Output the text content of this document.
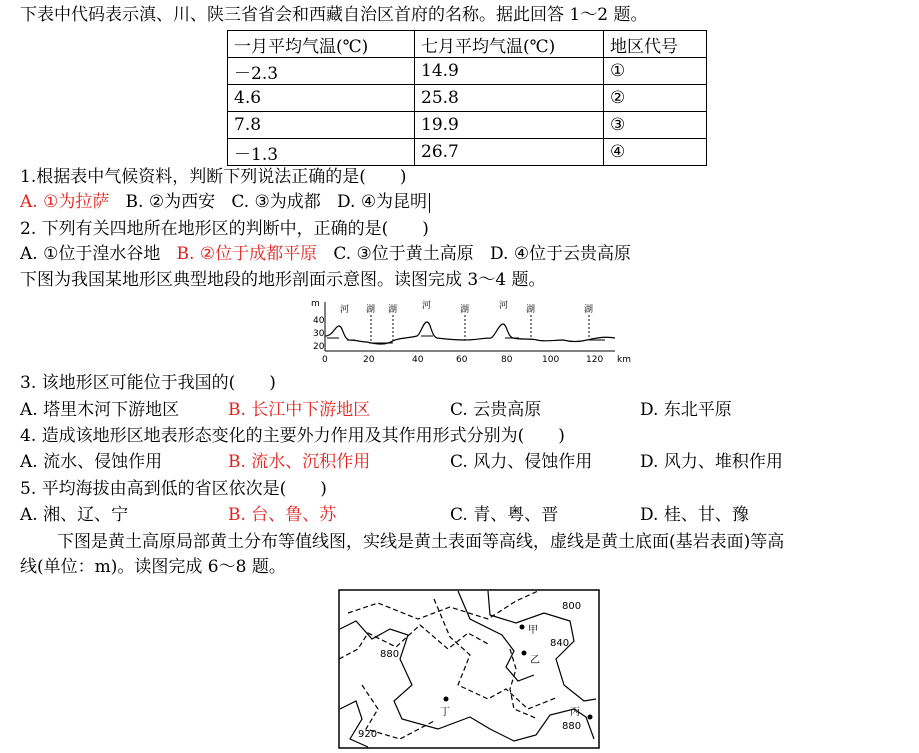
下表中代码表示滇、川、陕三省省会和西藏自治区首府的名称。据此回答 1～2 题。
一月平均气温(℃)	七月平均气温(℃)	地区代号
－2.3	14.9	①
4.6	25.8	②
7.8	19.9	③
－1.3	26.7	④
1.根据表中气候资料，判断下列说法正确的是(　　)
A. ①为拉萨 B. ②为西安 C. ③为成都 D. ④为昆明
2. 下列有关四地所在地形区的判断中，正确的是(　　)
A. ①位于湟水谷地 B. ②位于成都平原 C. ③位于黄土高原 D. ④位于云贵高原
下图为我国某地形区典型地段的地形剖面示意图。读图完成 3～4 题。
m
40
30
20
0	20	40	60	80	100	120 km
河 湖 湖	河	湖	河 湖	湖
3. 该地形区可能位于我国的(　　)
A. 塔里木河下游地区	B. 长江中下游地区	C. 云贵高原	D. 东北平原
4. 造成该地形区地表形态变化的主要外力作用及其作用形式分别为(　　)
A. 流水、侵蚀作用	B. 流水、沉积作用	C. 风力、侵蚀作用	D. 风力、堆积作用
5. 平均海拔由高到低的省区依次是(　　)
A. 湘、辽、宁	B. 台、鲁、苏	C. 青、粤、晋	D. 桂、甘、豫
下图是黄土高原局部黄土分布等值线图，实线是黄土表面等高线，虚线是黄土底面(基岩表面)等高
线(单位：m)。读图完成 6～8 题。
800
甲
840
乙
880
丁	丙
880
920
